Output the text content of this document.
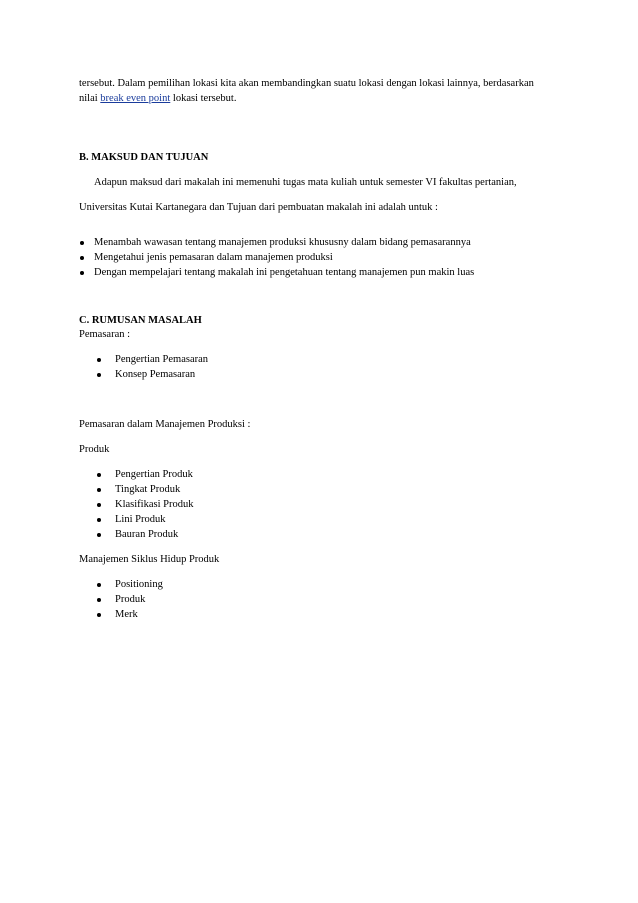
tersebut. Dalam pemilihan lokasi kita akan membandingkan suatu lokasi dengan lokasi lainnya, berdasarkan
nilai break even point lokasi tersebut.
B. MAKSUD DAN TUJUAN
Adapun maksud dari makalah ini memenuhi tugas mata kuliah untuk semester VI fakultas pertanian,
Universitas Kutai Kartanegara dan Tujuan dari pembuatan makalah ini adalah untuk :
Menambah wawasan tentang manajemen produksi khususny dalam bidang pemasarannya
Mengetahui jenis pemasaran dalam manajemen produksi
Dengan mempelajari tentang makalah ini pengetahuan tentang manajemen pun makin luas
C. RUMUSAN MASALAH
Pemasaran :
Pengertian Pemasaran
Konsep Pemasaran
Pemasaran dalam Manajemen Produksi :
Produk
Pengertian Produk
Tingkat Produk
Klasifikasi Produk
Lini Produk
Bauran Produk
Manajemen Siklus Hidup Produk
Positioning
Produk
Merk
